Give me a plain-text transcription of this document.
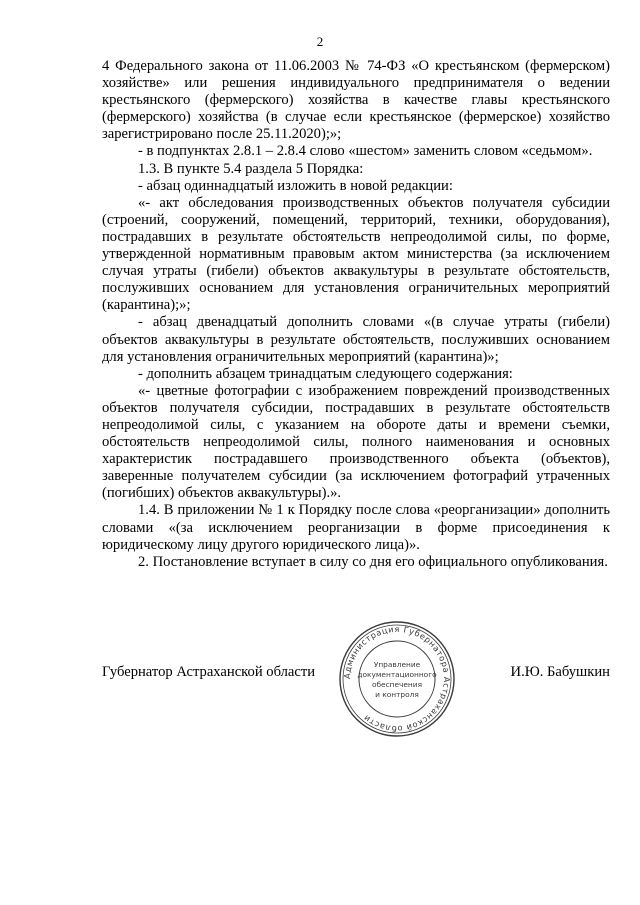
2

4 Федерального закона от 11.06.2003 № 74-ФЗ «О крестьянском (фермерском) хозяйстве» или решения индивидуального предпринимателя о ведении крестьянского (фермерского) хозяйства в качестве главы крестьянского (фермерского) хозяйства (в случае если крестьянское (фермерское) хозяйство зарегистрировано после 25.11.2020);»;

- в подпунктах 2.8.1 – 2.8.4 слово «шестом» заменить словом «седьмом».

1.3. В пункте 5.4 раздела 5 Порядка:

- абзац одиннадцатый изложить в новой редакции:

«- акт обследования производственных объектов получателя субсидии (строений, сооружений, помещений, территорий, техники, оборудования), пострадавших в результате обстоятельств непреодолимой силы, по форме, утвержденной нормативным правовым актом министерства (за исключением случая утраты (гибели) объектов аквакультуры в результате обстоятельств, послуживших основанием для установления ограничительных мероприятий (карантина);»;

- абзац двенадцатый дополнить словами «(в случае утраты (гибели) объектов аквакультуры в результате обстоятельств, послуживших основанием для установления ограничительных мероприятий (карантина)»;

- дополнить абзацем тринадцатым следующего содержания:

«- цветные фотографии с изображением повреждений производственных объектов получателя субсидии, пострадавших в результате обстоятельств непреодолимой силы, с указанием на обороте даты и времени съемки, обстоятельств непреодолимой силы, полного наименования и основных характеристик пострадавшего производственного объекта (объектов), заверенные получателем субсидии (за исключением фотографий утраченных (погибших) объектов аквакультуры).».

1.4. В приложении № 1 к Порядку после слова «реорганизации» дополнить словами «(за исключением реорганизации в форме присоединения к юридическому лицу другого юридического лица)».

2. Постановление вступает в силу со дня его официального опубликования.

Губернатор Астраханской области	И.Ю. Бабушкин
Администрация Губернатора Астраханской области
Управление
документационного
обеспечения
и контроля
